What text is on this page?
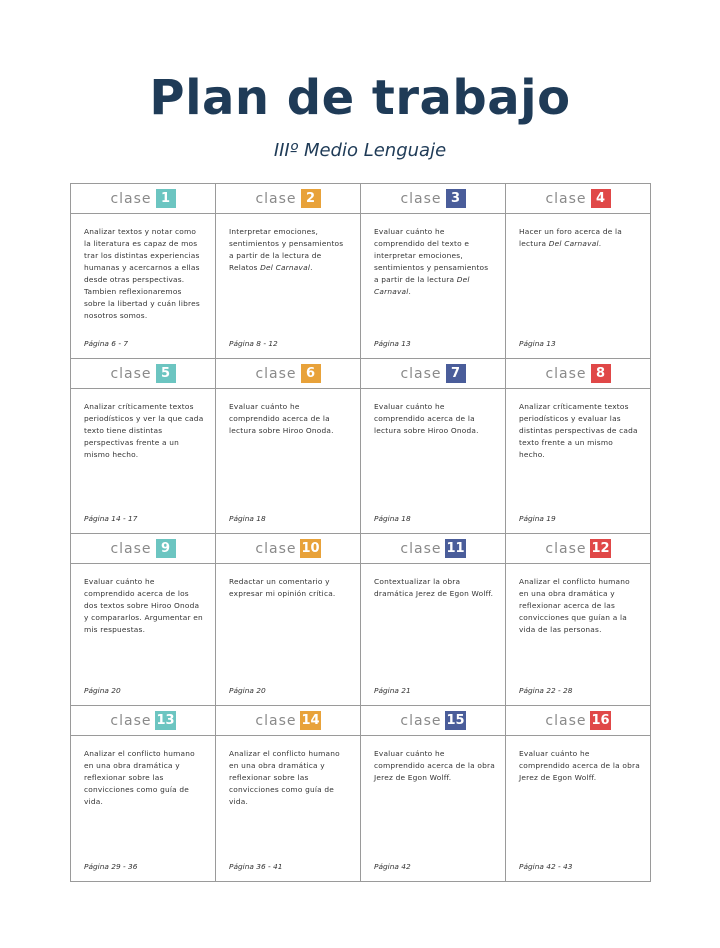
Plan de trabajo
IIIº Medio Lenguaje
clase 1
Analizar textos y notar como la literatura es capaz de mos trar los distintas experiencias humanas y acercarnos a ellas desde otras perspectivas. Tambien reflexionaremos sobre la libertad y cuán libres nosotros somos.
Página 6 - 7
clase 2
Interpretar emociones, sentimientos y pensamientos a partir de la lectura de Relatos Del Carnaval.
Página 8 - 12
clase 3
Evaluar cuánto he comprendido del texto e interpretar emociones, sentimientos y pensamientos a partir de la lectura Del Carnaval.
Página 13
clase 4
Hacer un foro acerca de la lectura Del Carnaval.
Página 13
clase 5
Analizar críticamente textos periodísticos y ver la que cada texto tiene distintas perspectivas frente a un mismo hecho.
Página 14 - 17
clase 6
Evaluar cuánto he comprendido acerca de la lectura sobre Hiroo Onoda.
Página 18
clase 7
Evaluar cuánto he comprendido acerca de la lectura sobre Hiroo Onoda.
Página 18
clase 8
Analizar críticamente textos periodísticos y evaluar las distintas perspectivas de cada texto frente a un mismo hecho.
Página 19
clase 9
Evaluar cuánto he comprendido acerca de los dos textos sobre Hiroo Onoda y compararlos. Argumentar en mis respuestas.
Página 20
clase 10
Redactar un comentario y expresar mi opinión crítica.
Página 20
clase 11
Contextualizar la obra dramática Jerez de Egon Wolff.
Página 21
clase 12
Analizar el conflicto humano en una obra dramática y reflexionar acerca de las convicciones que guían a la vida de las personas.
Página 22 - 28
clase 13
Analizar el conflicto humano en una obra dramática y reflexionar sobre las convicciones como guía de vida.
Página 29 - 36
clase 14
Analizar el conflicto humano en una obra dramática y reflexionar sobre las convicciones como guía de vida.
Página 36 - 41
clase 15
Evaluar cuánto he comprendido acerca de la obra Jerez de Egon Wolff.
Página 42
clase 16
Evaluar cuánto he comprendido acerca de la obra Jerez de Egon Wolff.
Página 42 - 43
